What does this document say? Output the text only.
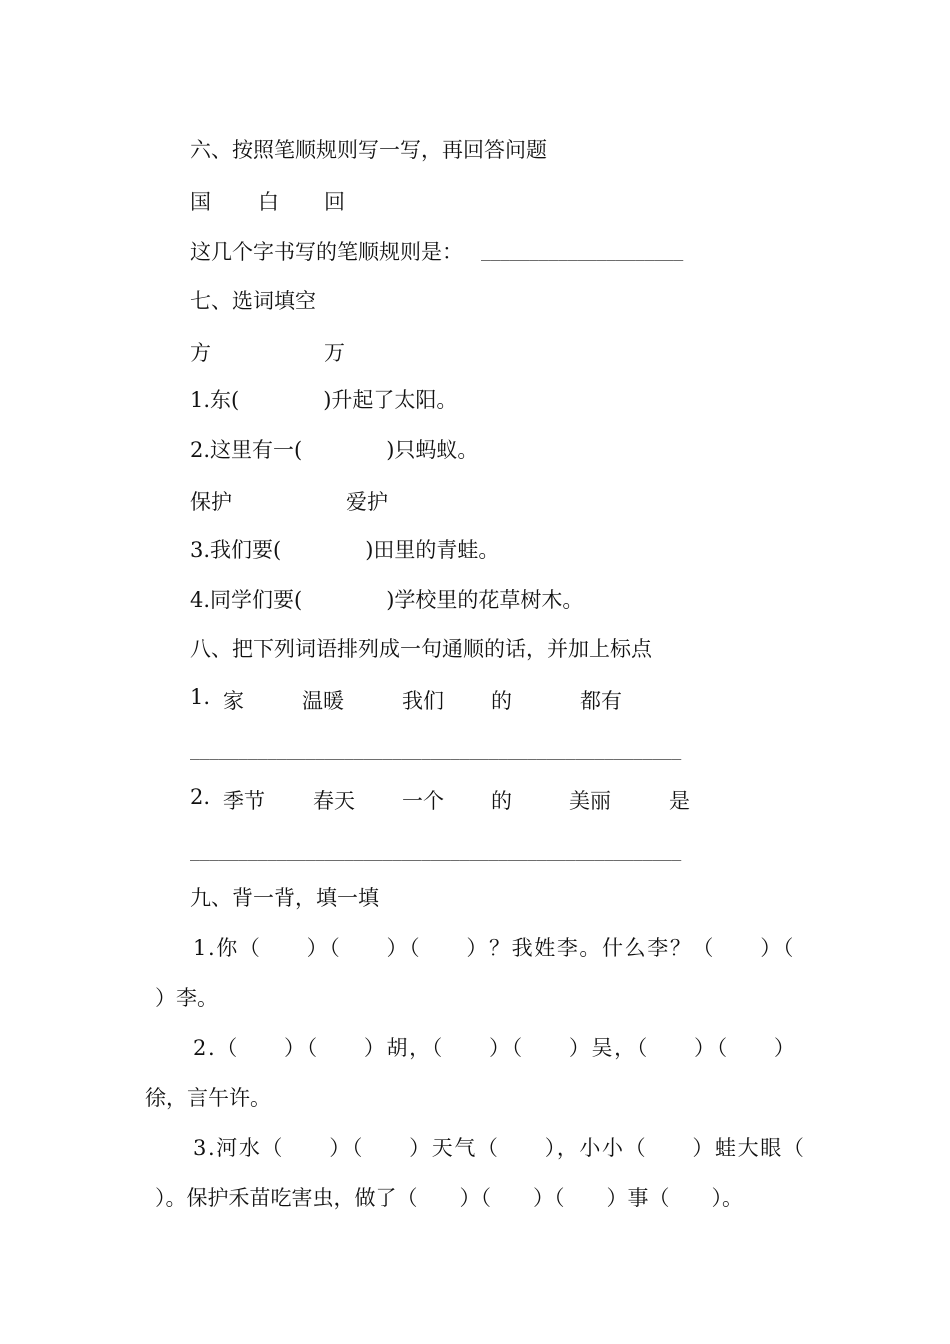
六、按照笔顺规则写一写，再回答问题
国 白 回
这几个字书写的笔顺规则是： _____________________
七、选词填空
方	万
1.东(　　　　)升起了太阳。
2.这里有一(　　　　)只蚂蚁。
保护	爱护
3.我们要(　　　　)田里的青蛙。
4.同学们要(　　　　)学校里的花草树木。
八、把下列词语排列成一句通顺的话，并加上标点
1. 家	温暖	我们 的	都有
___________________________________________________
2. 季节 春天 一个 的	美丽	是
___________________________________________________
九、背一背，填一填
1.你（　　）（　　）（　　）？我姓李。什么李？（　　）（
）李。
2.（　　）（　　）胡，（　　）（　　）吴，（　　）（　　）
徐，言午许。
3.河水（　　）（　　）天气（　　），小小（　　）蛙大眼（
）。保护禾苗吃害虫，做了（　　）（　　）（　　）事（　　）。
